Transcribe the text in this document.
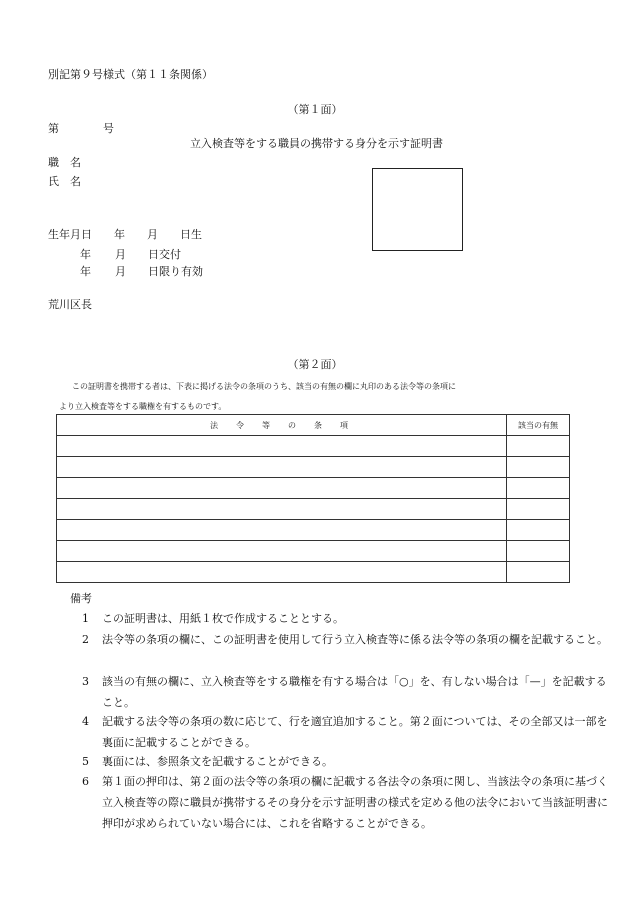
別記第９号様式（第１１条関係）
（第１面）
第	号
立入検査等をする職員の携帯する身分を示す証明書
職 名
氏 名
生年月日 年 月 日生
年 月 日交付
年 月 日限り有効
荒川区長
（第２面）
この証明書を携帯する者は、下表に掲げる法令の条項のうち、該当の有無の欄に丸印のある法令等の条項に
より立入検査等をする職権を有するものです。
法　令　等　の　条　項	該当の有無

備考
1 この証明書は、用紙１枚で作成することとする。
2 法令等の条項の欄に、この証明書を使用して行う立入検査等に係る法令等の条項の欄を記載すること。
3 該当の有無の欄に、立入検査等をする職権を有する場合は「○」を、有しない場合は「—」を記載すること。
4 記載する法令等の条項の数に応じて、行を適宜追加すること。第２面については、その全部又は一部を裏面に記載することができる。
5 裏面には、参照条文を記載することができる。
6 第１面の押印は、第２面の法令等の条項の欄に記載する各法令の条項に関し、当該法令の条項に基づく立入検査等の際に職員が携帯するその身分を示す証明書の様式を定める他の法令において当該証明書に押印が求められていない場合には、これを省略することができる。
